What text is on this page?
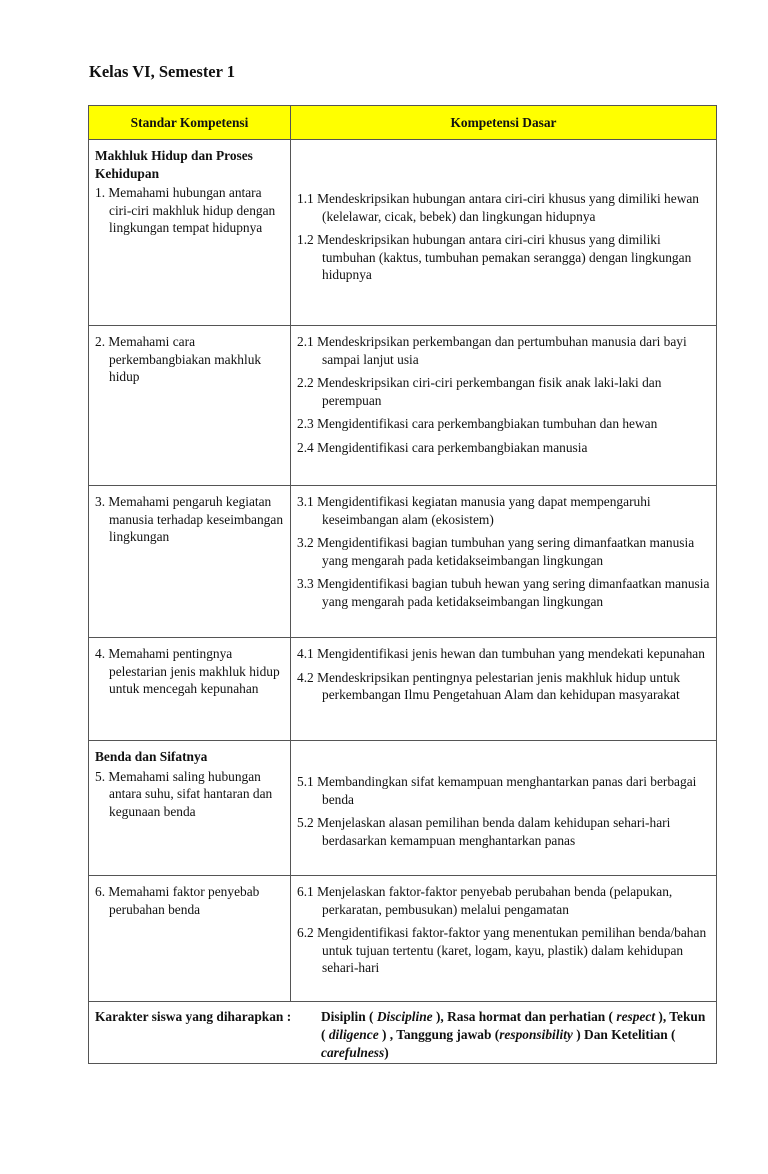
Kelas VI, Semester 1
Standar Kompetensi	Kompetensi Dasar
Makhluk Hidup dan Proses Kehidupan
1. Memahami hubungan antara ciri-ciri makhluk hidup dengan lingkungan tempat hidupnya
1.1 Mendeskripsikan hubungan antara ciri-ciri khusus yang dimiliki hewan (kelelawar, cicak, bebek) dan lingkungan hidupnya
1.2 Mendeskripsikan hubungan antara ciri-ciri khusus yang dimiliki tumbuhan (kaktus, tumbuhan pemakan serangga) dengan lingkungan hidupnya
2. Memahami cara perkembangbiakan makhluk hidup
2.1 Mendeskripsikan perkembangan dan pertumbuhan manusia dari bayi sampai lanjut usia
2.2 Mendeskripsikan ciri-ciri perkembangan fisik anak laki-laki dan perempuan
2.3 Mengidentifikasi cara perkembangbiakan tumbuhan dan hewan
2.4 Mengidentifikasi cara perkembangbiakan manusia
3. Memahami pengaruh kegiatan manusia terhadap keseimbangan lingkungan
3.1 Mengidentifikasi kegiatan manusia yang dapat mempengaruhi keseimbangan alam (ekosistem)
3.2 Mengidentifikasi bagian tumbuhan yang sering dimanfaatkan manusia yang mengarah pada ketidakseimbangan lingkungan
3.3 Mengidentifikasi bagian tubuh hewan yang sering dimanfaatkan manusia yang mengarah pada ketidakseimbangan lingkungan
4. Memahami pentingnya pelestarian jenis makhluk hidup untuk mencegah kepunahan
4.1 Mengidentifikasi jenis hewan dan tumbuhan yang mendekati kepunahan
4.2 Mendeskripsikan pentingnya pelestarian jenis makhluk hidup untuk perkembangan Ilmu Pengetahuan Alam dan kehidupan masyarakat
Benda dan Sifatnya
5. Memahami saling hubungan antara suhu, sifat hantaran dan kegunaan benda
5.1 Membandingkan sifat kemampuan menghantarkan panas dari berbagai benda
5.2 Menjelaskan alasan pemilihan benda dalam kehidupan sehari-hari berdasarkan kemampuan menghantarkan panas
6. Memahami faktor penyebab perubahan benda
6.1 Menjelaskan faktor-faktor penyebab perubahan benda (pelapukan, perkaratan, pembusukan) melalui pengamatan
6.2 Mengidentifikasi faktor-faktor yang menentukan pemilihan benda/bahan untuk tujuan tertentu (karet, logam, kayu, plastik) dalam kehidupan sehari-hari
Karakter siswa yang diharapkan :	Disiplin ( Discipline ), Rasa hormat dan perhatian ( respect ), Tekun ( diligence ) , Tanggung jawab (responsibility ) Dan Ketelitian ( carefulness)
